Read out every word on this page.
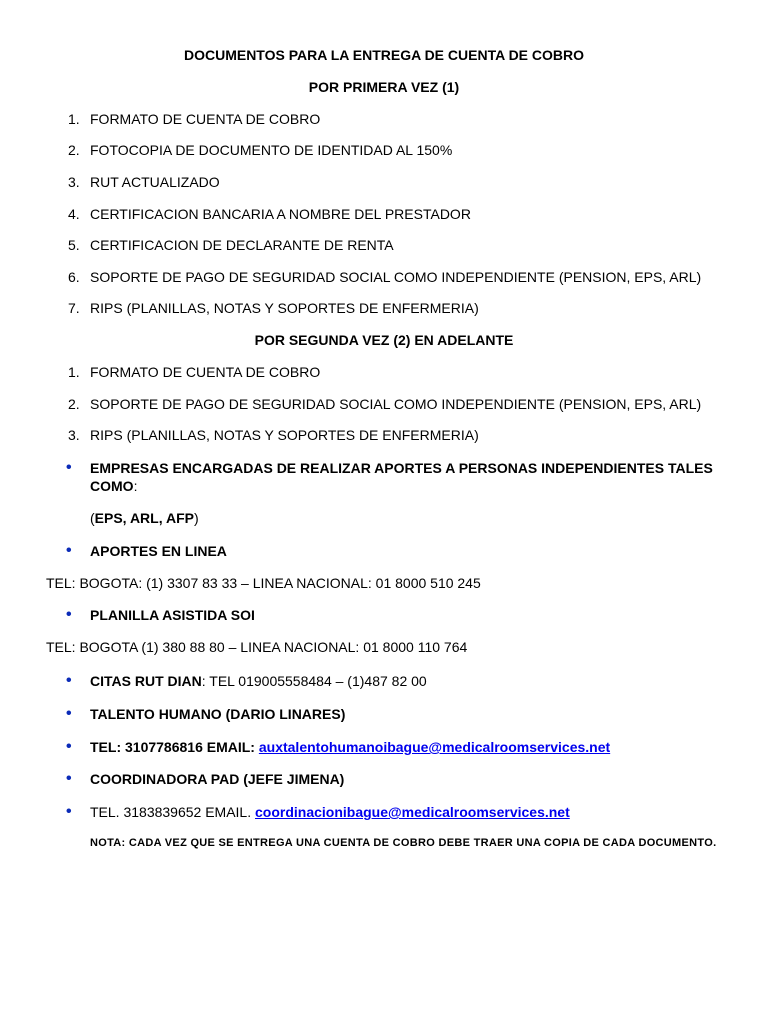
DOCUMENTOS PARA LA ENTREGA DE CUENTA DE COBRO
POR PRIMERA VEZ (1)
1. FORMATO DE CUENTA DE COBRO
2. FOTOCOPIA DE DOCUMENTO DE IDENTIDAD AL 150%
3. RUT ACTUALIZADO
4. CERTIFICACION BANCARIA A NOMBRE DEL PRESTADOR
5. CERTIFICACION DE DECLARANTE DE RENTA
6. SOPORTE DE PAGO DE SEGURIDAD SOCIAL COMO INDEPENDIENTE (PENSION, EPS, ARL)
7. RIPS (PLANILLAS, NOTAS Y SOPORTES DE ENFERMERIA)
POR SEGUNDA VEZ (2) EN ADELANTE
1. FORMATO DE CUENTA DE COBRO
2. SOPORTE DE PAGO DE SEGURIDAD SOCIAL COMO INDEPENDIENTE (PENSION, EPS, ARL)
3. RIPS (PLANILLAS, NOTAS Y SOPORTES DE ENFERMERIA)
• EMPRESAS ENCARGADAS DE REALIZAR APORTES A PERSONAS INDEPENDIENTES TALES
COMO:
(EPS, ARL, AFP)
• APORTES EN LINEA
TEL: BOGOTA: (1) 3307 83 33 – LINEA NACIONAL: 01 8000 510 245
• PLANILLA ASISTIDA SOI
TEL: BOGOTA (1) 380 88 80 – LINEA NACIONAL: 01 8000 110 764
• CITAS RUT DIAN: TEL 019005558484 – (1)487 82 00
• TALENTO HUMANO (DARIO LINARES)
• TEL: 3107786816 EMAIL: auxtalentohumanoibague@medicalroomservices.net
• COORDINADORA PAD (JEFE JIMENA)
• TEL. 3183839652 EMAIL. coordinacionibague@medicalroomservices.net
NOTA: CADA VEZ QUE SE ENTREGA UNA CUENTA DE COBRO DEBE TRAER UNA COPIA DE CADA DOCUMENTO.
